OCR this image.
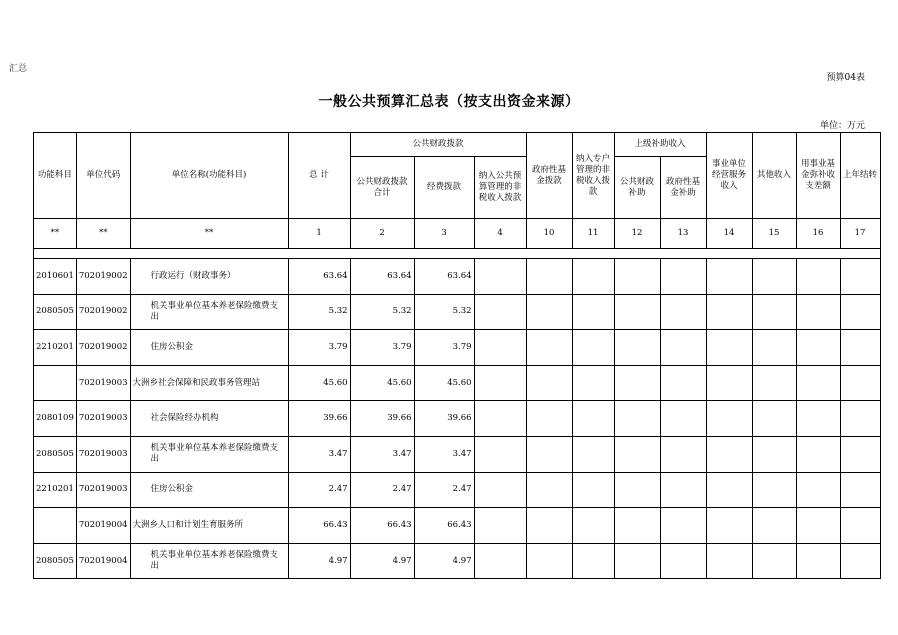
汇总
预算04表
一般公共预算汇总表（按支出资金来源）
单位：万元
功能科目	单位代码	单位名称(功能科目)	总 计	公共财政拨款			政府性基金拨款	纳入专户管理的非税收入拨款	上级补助收入		事业单位经营服务收入	其他收入	用事业基金弥补收支差额	上年结转
				公共财政拨款合计	经费拨款	纳入公共预算管理的非税收入拨款			公共财政补助	政府性基金补助				
**	**	**	1	2	3	4	10	11	12	13	14	15	16	17

2010601	702019002	行政运行（财政事务）	63.64	63.64	63.64									
2080505	702019002	机关事业单位基本养老保险缴费支出	5.32	5.32	5.32									
2210201	702019002	住房公积金	3.79	3.79	3.79									
	702019003	大洲乡社会保障和民政事务管理站	45.60	45.60	45.60									
2080109	702019003	社会保险经办机构	39.66	39.66	39.66									
2080505	702019003	机关事业单位基本养老保险缴费支出	3.47	3.47	3.47									
2210201	702019003	住房公积金	2.47	2.47	2.47									
	702019004	大洲乡人口和计划生育服务所	66.43	66.43	66.43									
2080505	702019004	机关事业单位基本养老保险缴费支出	4.97	4.97	4.97									
